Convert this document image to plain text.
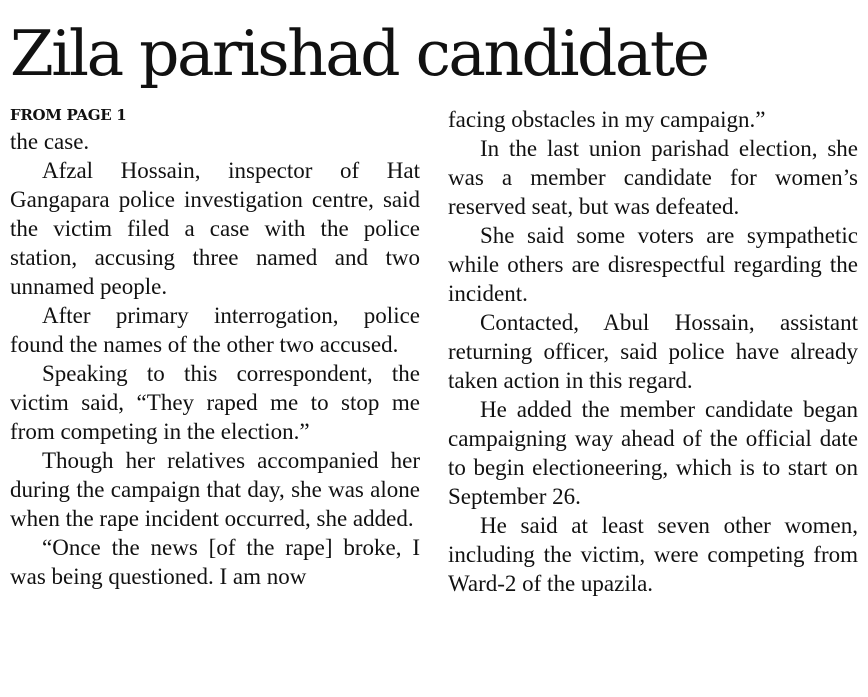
Zila parishad candidate
FROM PAGE 1

the case.

Afzal Hossain, inspector of Hat Gangapara police investigation centre, said the victim filed a case with the police station, accusing three named and two unnamed people.

After primary interrogation, police found the names of the other two accused.

Speaking to this correspondent, the victim said, “They raped me to stop me from competing in the election.”

Though her relatives accompanied her during the campaign that day, she was alone when the rape incident occurred, she added.

“Once the news [of the rape] broke, I was being questioned. I am now

facing obstacles in my campaign.”

In the last union parishad election, she was a member candidate for women’s reserved seat, but was defeated.

She said some voters are sympathetic while others are disrespectful regarding the incident.

Contacted, Abul Hossain, assistant returning officer, said police have already taken action in this regard.

He added the member candidate began campaigning way ahead of the official date to begin electioneering, which is to start on September 26.

He said at least seven other women, including the victim, were competing from Ward-2 of the upazila.
